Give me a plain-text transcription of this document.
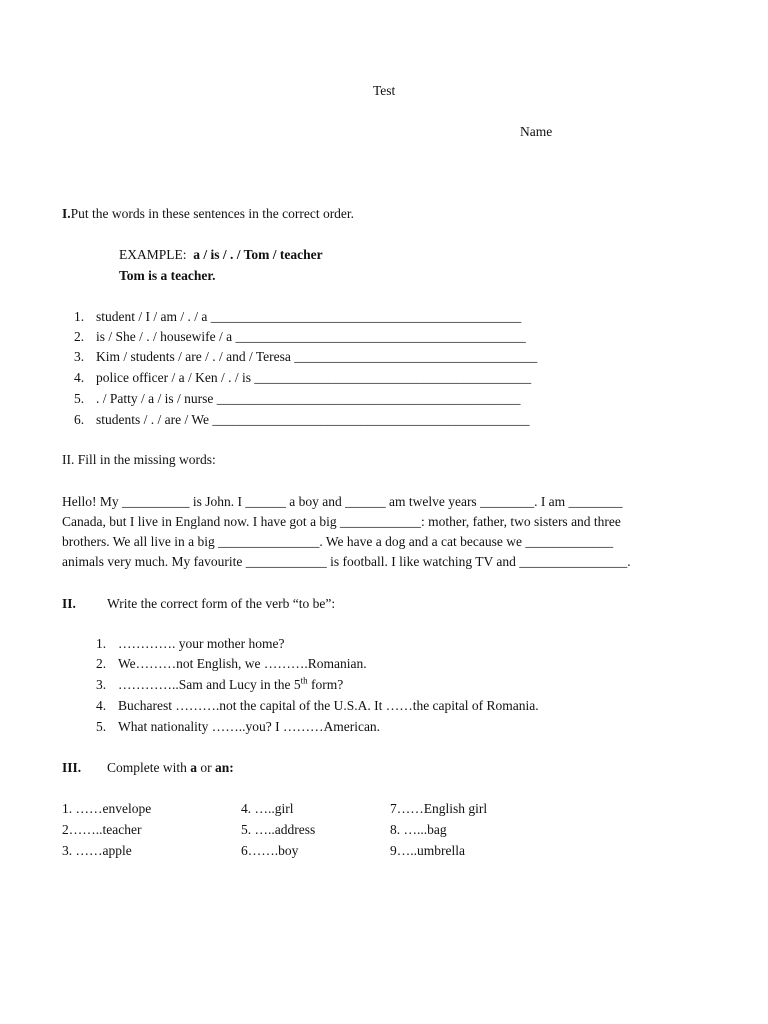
Test
Name
I.Put the words in these sentences in the correct order.
EXAMPLE: a / is / . / Tom / teacher
Tom is a teacher.
1. student / I / am / . / a ______________________________________________
2. is / She / . / housewife / a ___________________________________________
3. Kim / students / are / . / and / Teresa ____________________________________
4. police officer / a / Ken / . / is _________________________________________
5. . / Patty / a / is / nurse _____________________________________________
6. students / . / are / We _______________________________________________
II. Fill in the missing words:
Hello! My __________ is John. I ______ a boy and ______ am twelve years ________. I am ________
Canada, but I live in England now. I have got a big ____________: mother, father, two sisters and three
brothers. We all live in a big _______________. We have a dog and a cat because we _____________
animals very much. My favourite ____________ is football. I like watching TV and ________________.
II. Write the correct form of the verb “to be”:
1. …………. your mother home?
2. We………not English, we ……….Romanian.
3. …………..Sam and Lucy in the 5th form?
4. Bucharest ……….not the capital of the U.S.A. It ……the capital of Romania.
5. What nationality ……..you? I ………American.
III. Complete with a or an:
1. ……envelope
2……..teacher
3. ……apple
4. …..girl
5. …..address
6…….boy
7……English girl
8. …...bag
9…..umbrella
